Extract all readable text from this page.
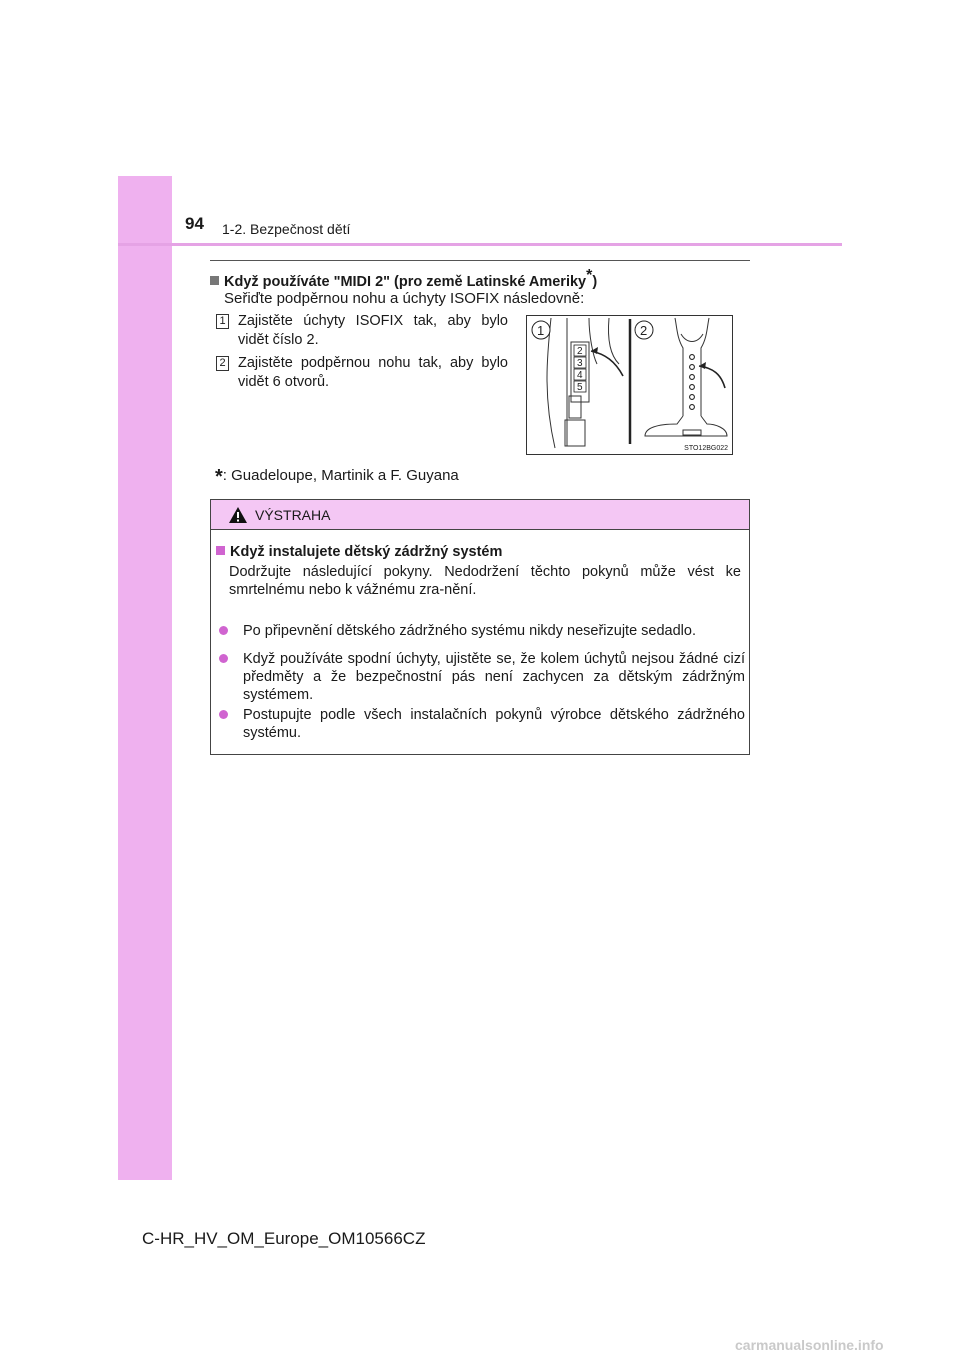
94 1-2. Bezpečnost dětí
Když používáte "MIDI 2" (pro země Latinské Ameriky*)
Seřiďte podpěrnou nohu a úchyty ISOFIX následovně:
1 Zajistěte úchyty ISOFIX tak, aby bylo vidět číslo 2.
2 Zajistěte podpěrnou nohu tak, aby bylo vidět 6 otvorů.
2
3
4
5
1	2
STO12BG022
*: Guadeloupe, Martinik a F. Guyana
VÝSTRAHA
Když instalujete dětský zádržný systém
Dodržujte následující pokyny. Nedodržení těchto pokynů může vést ke smrtelnému nebo k vážnému zra-nění.
Po připevnění dětského zádržného systému nikdy neseřizujte sedadlo.
Když používáte spodní úchyty, ujistěte se, že kolem úchytů nejsou žádné cizí předměty a že bezpečnostní pás není zachycen za dětským zádržným systémem.
Postupujte podle všech instalačních pokynů výrobce dětského zádržného systému.
C-HR_HV_OM_Europe_OM10566CZ
carmanualsonline.info
